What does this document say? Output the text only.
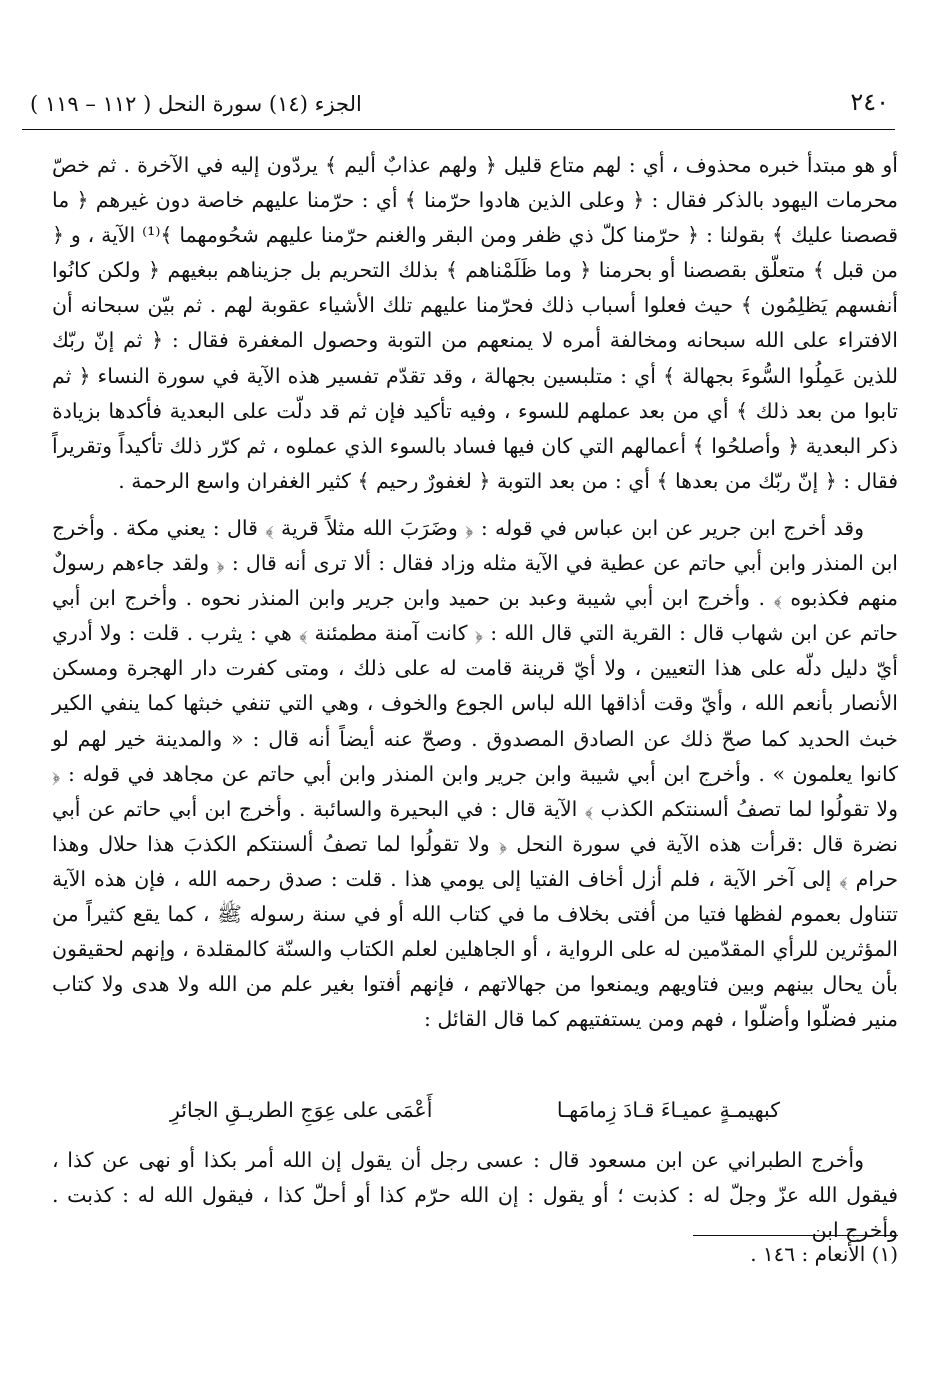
٢٤٠
الجزء (١٤) سورة النحل ( ١١٢ – ١١٩ )

أو هو مبتدأ خبره محذوف ، أي : لهم متاع قليل ﴿ ولهم عذابٌ أليم ﴾ يردّون إليه في الآخرة . ثم خصّ محرمات اليهود بالذكر فقال : ﴿ وعلى الذين هادوا حرّمنا ﴾ أي : حرّمنا عليهم خاصة دون غيرهم ﴿ ما قصصنا عليك ﴾ بقولنا : ﴿ حرّمنا كلّ ذي ظفر ومن البقر والغنم حرّمنا عليهم شحُومهما ﴾⁽¹⁾ الآية ، و ﴿ من قبل ﴾ متعلّق بقصصنا أو بحرمنا ﴿ وما ظَلَمْناهم ﴾ بذلك التحريم بل جزيناهم ببغيهم ﴿ ولكن كانُوا أنفسهم يَظلِمُون ﴾ حيث فعلوا أسباب ذلك فحرّمنا عليهم تلك الأشياء عقوبة لهم . ثم بيّن سبحانه أن الافتراء على الله سبحانه ومخالفة أمره لا يمنعهم من التوبة وحصول المغفرة فقال : ﴿ ثم إنّ ربّك للذين عَمِلُوا السُّوءَ بجهالة ﴾ أي : متلبسين بجهالة ، وقد تقدّم تفسير هذه الآية في سورة النساء ﴿ ثم تابوا من بعد ذلك ﴾ أي من بعد عملهم للسوء ، وفيه تأكيد فإن ثم قد دلّت على البعدية فأكدها بزيادة ذكر البعدية ﴿ وأصلحُوا ﴾ أعمالهم التي كان فيها فساد بالسوء الذي عملوه ، ثم كرّر ذلك تأكيداً وتقريراً فقال : ﴿ إنّ ربّك من بعدها ﴾ أي : من بعد التوبة ﴿ لغفورٌ رحيم ﴾ كثير الغفران واسع الرحمة .

وقد أخرج ابن جرير عن ابن عباس في قوله : ﴿ وضَرَبَ الله مثلاً قرية ﴾ قال : يعني مكة . وأخرج ابن المنذر وابن أبي حاتم عن عطية في الآية مثله وزاد فقال : ألا ترى أنه قال : ﴿ ولقد جاءهم رسولٌ منهم فكذبوه ﴾ . وأخرج ابن أبي شيبة وعبد بن حميد وابن جرير وابن المنذر نحوه . وأخرج ابن أبي حاتم عن ابن شهاب قال : القرية التي قال الله : ﴿ كانت آمنة مطمئنة ﴾ هي : يثرب . قلت : ولا أدري أيّ دليل دلّه على هذا التعيين ، ولا أيّ قرينة قامت له على ذلك ، ومتى كفرت دار الهجرة ومسكن الأنصار بأنعم الله ، وأيّ وقت أذاقها الله لباس الجوع والخوف ، وهي التي تنفي خبثها كما ينفي الكير خبث الحديد كما صحّ ذلك عن الصادق المصدوق . وصحّ عنه أيضاً أنه قال : « والمدينة خير لهم لو كانوا يعلمون » . وأخرج ابن أبي شيبة وابن جرير وابن المنذر وابن أبي حاتم عن مجاهد في قوله : ﴿ ولا تقولُوا لما تصفُ ألسنتكم الكذب ﴾ الآية قال : في البحيرة والسائبة . وأخرج ابن أبي حاتم عن أبي نضرة قال :قرأت هذه الآية في سورة النحل ﴿ ولا تقولُوا لما تصفُ ألسنتكم الكذبَ هذا حلال وهذا حرام ﴾ إلى آخر الآية ، فلم أزل أخاف الفتيا إلى يومي هذا . قلت : صدق رحمه الله ، فإن هذه الآية تتناول بعموم لفظها فتيا من أفتى بخلاف ما في كتاب الله أو في سنة رسوله ﷺ ، كما يقع كثيراً من المؤثرين للرأي المقدّمين له على الرواية ، أو الجاهلين لعلم الكتاب والسنّة كالمقلدة ، وإنهم لحقيقون بأن يحال بينهم وبين فتاويهم ويمنعوا من جهالاتهم ، فإنهم أفتوا بغير علم من الله ولا هدى ولا كتاب منير فضلّوا وأضلّوا ، فهم ومن يستفتيهم كما قال القائل :

كبهيمـةٍ عميـاءَ قـادَ زِمامَهـا
أَعْمَى على عِوَجِ الطريـقِ الجائرِ

وأخرج الطبراني عن ابن مسعود قال : عسى رجل أن يقول إن الله أمر بكذا أو نهى عن كذا ، فيقول الله عزّ وجلّ له : كذبت ؛ أو يقول : إن الله حرّم كذا أو أحلّ كذا ، فيقول الله له : كذبت . وأخرج ابن

(١) الأنعام : ١٤٦ .
